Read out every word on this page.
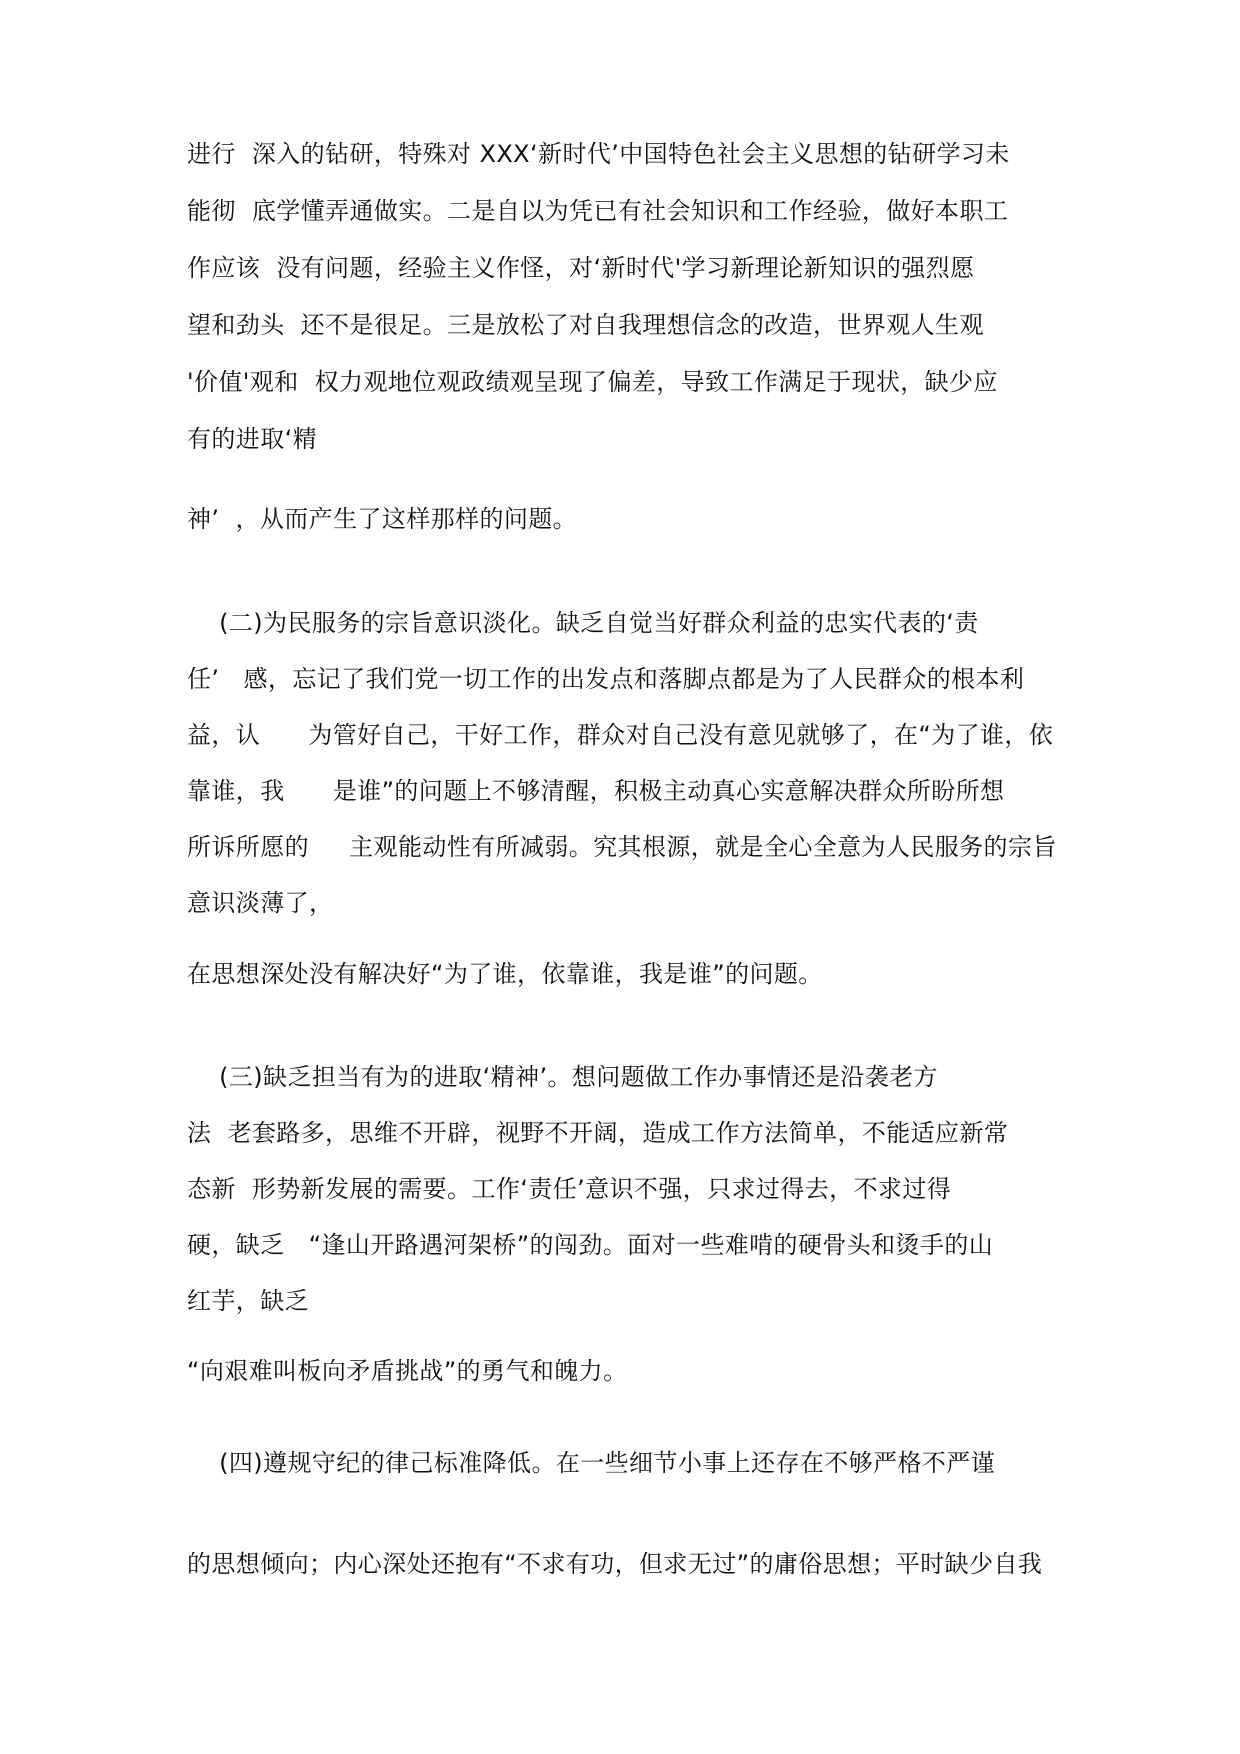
进行  深入的钻研，特殊对 XXX‘新时代’中国特色社会主义思想的钻研学习未
能彻  底学懂弄通做实。二是自以为凭已有社会知识和工作经验，做好本职工
作应该  没有问题，经验主义作怪，对‘新时代'学习新理论新知识的强烈愿
望和劲头  还不是很足。三是放松了对自我理想信念的改造，世界观人生观
'价值'观和  权力观地位观政绩观呈现了偏差，导致工作满足于现状，缺少应
有的进取‘精
神’  ，从而产生了这样那样的问题。
(二)为民服务的宗旨意识淡化。缺乏自觉当好群众利益的忠实代表的‘责
任’   感，忘记了我们党一切工作的出发点和落脚点都是为了人民群众的根本利
益，认      为管好自己，干好工作，群众对自己没有意见就够了，在“为了谁，依
靠谁，我      是谁”的问题上不够清醒，积极主动真心实意解决群众所盼所想
所诉所愿的     主观能动性有所减弱。究其根源，就是全心全意为人民服务的宗旨
意识淡薄了，
在思想深处没有解决好“为了谁，依靠谁，我是谁”的问题。
(三)缺乏担当有为的进取‘精神’。想问题做工作办事情还是沿袭老方
法  老套路多，思维不开辟，视野不开阔，造成工作方法简单，不能适应新常
态新  形势新发展的需要。工作‘责任’意识不强，只求过得去，不求过得
硬，缺乏   “逢山开路遇河架桥”的闯劲。面对一些难啃的硬骨头和烫手的山
红芋，缺乏
“向艰难叫板向矛盾挑战”的勇气和魄力。
(四)遵规守纪的律己标准降低。在一些细节小事上还存在不够严格不严谨
的思想倾向；内心深处还抱有“不求有功，但求无过”的庸俗思想；平时缺少自我
